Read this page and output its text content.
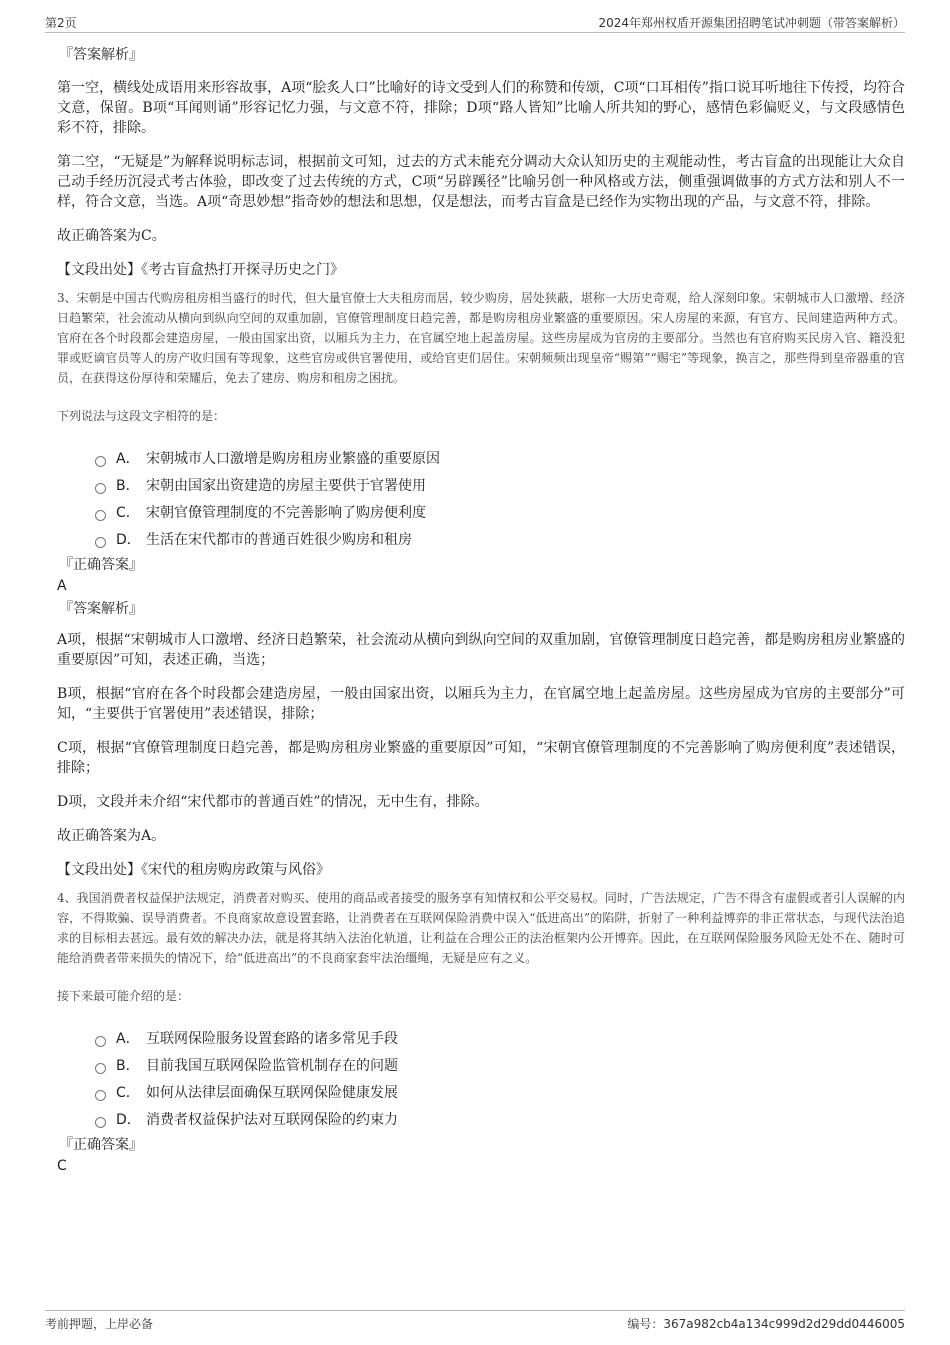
第2页	2024年郑州权盾开源集团招聘笔试冲刺题（带答案解析）
『答案解析』

第一空，横线处成语用来形容故事，A项“脍炙人口”比喻好的诗文受到人们的称赞和传颂，C项“口耳相传”指口说耳听地往下传授，均符合文意，保留。B项“耳闻则诵”形容记忆力强，与文意不符，排除；D项“路人皆知”比喻人所共知的野心，感情色彩偏贬义，与文段感情色彩不符，排除。

第二空，“无疑是”为解释说明标志词，根据前文可知，过去的方式未能充分调动大众认知历史的主观能动性，考古盲盒的出现能让大众自己动手经历沉浸式考古体验，即改变了过去传统的方式，C项“另辟蹊径”比喻另创一种风格或方法，侧重强调做事的方式方法和别人不一样，符合文意，当选。A项“奇思妙想”指奇妙的想法和思想，仅是想法，而考古盲盒是已经作为实物出现的产品，与文意不符，排除。

故正确答案为C。

【文段出处】《考古盲盒热打开探寻历史之门》

3、宋朝是中国古代购房租房相当盛行的时代，但大量官僚士大夫租房而居，较少购房，居处狭蔽，堪称一大历史奇观，给人深刻印象。宋朝城市人口激增、经济日趋繁荣，社会流动从横向到纵向空间的双重加剧，官僚管理制度日趋完善，都是购房租房业繁盛的重要原因。宋人房屋的来源，有官方、民间建造两种方式。官府在各个时段都会建造房屋，一般由国家出资，以厢兵为主力，在官属空地上起盖房屋。这些房屋成为官房的主要部分。当然也有官府购买民房入官、籍没犯罪或贬谪官员等人的房产收归国有等现象，这些官房或供官署使用，或给官吏们居住。宋朝频频出现皇帝“赐第”“赐宅”等现象，换言之，那些得到皇帝器重的官员，在获得这份厚待和荣耀后，免去了建房、购房和租房之困扰。

下列说法与这段文字相符的是：

A． 宋朝城市人口激增是购房租房业繁盛的重要原因
B． 宋朝由国家出资建造的房屋主要供于官署使用
C． 宋朝官僚管理制度的不完善影响了购房便利度
D． 生活在宋代都市的普通百姓很少购房和租房
『正确答案』
A
『答案解析』

A项，根据“宋朝城市人口激增、经济日趋繁荣，社会流动从横向到纵向空间的双重加剧，官僚管理制度日趋完善，都是购房租房业繁盛的重要原因”可知，表述正确，当选；

B项，根据“官府在各个时段都会建造房屋，一般由国家出资，以厢兵为主力，在官属空地上起盖房屋。这些房屋成为官房的主要部分”可知，“主要供于官署使用”表述错误，排除；

C项，根据“官僚管理制度日趋完善，都是购房租房业繁盛的重要原因”可知，“宋朝官僚管理制度的不完善影响了购房便利度”表述错误，排除；

D项，文段并未介绍“宋代都市的普通百姓”的情况，无中生有，排除。

故正确答案为A。

【文段出处】《宋代的租房购房政策与风俗》

4、我国消费者权益保护法规定，消费者对购买、使用的商品或者接受的服务享有知情权和公平交易权。同时，广告法规定，广告不得含有虚假或者引人误解的内容，不得欺骗、误导消费者。不良商家故意设置套路，让消费者在互联网保险消费中误入“低进高出”的陷阱，折射了一种利益博弈的非正常状态，与现代法治追求的目标相去甚远。最有效的解决办法，就是将其纳入法治化轨道，让利益在合理公正的法治框架内公开博弈。因此，在互联网保险服务风险无处不在、随时可能给消费者带来损失的情况下，给“低进高出”的不良商家套牢法治缰绳，无疑是应有之义。

接下来最可能介绍的是：

A． 互联网保险服务设置套路的诸多常见手段
B． 目前我国互联网保险监管机制存在的问题
C． 如何从法律层面确保互联网保险健康发展
D． 消费者权益保护法对互联网保险的约束力
『正确答案』
C
考前押题，上岸必备	编号：367a982cb4a134c999d2d29dd0446005
